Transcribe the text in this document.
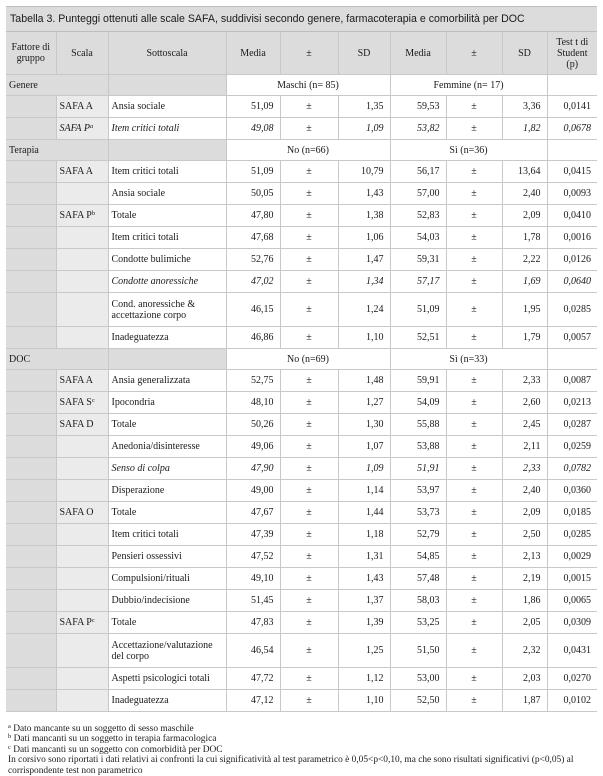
Tabella 3. Punteggi ottenuti alle scale SAFA, suddivisi secondo genere, farmacoterapia e comorbilità per DOC
Fattore di gruppo	Scala	Sottoscala	Media	±	SD	Media	±	SD	Test t di Student (p)
Genere			Maschi (n= 85)			Femmine (n= 17)			
	SAFA A	Ansia sociale	51,09	±	1,35	59,53	±	3,36	0,0141
	SAFA $P^a$	Item critici totali	49,08	±	1,09	53,82	±	1,82	0,0678
Terapia			No (n=66)			Sì (n=36)			
	SAFA A	Item critici totali	51,09	±	10,79	56,17	±	13,64	0,0415
		Ansia sociale	50,05	±	1,43	57,00	±	2,40	0,0093
	SAFA $P^b$	Totale	47,80	±	1,38	52,83	±	2,09	0,0410
		Item critici totali	47,68	±	1,06	54,03	±	1,78	0,0016
		Condotte bulimiche	52,76	±	1,47	59,31	±	2,22	0,0126
		Condotte anoressiche	47,02	±	1,34	57,17	±	1,69	0,0640
		Cond. anoressiche & accettazione corpo	46,15	±	1,24	51,09	±	1,95	0,0285
		Inadeguatezza	46,86	±	1,10	52,51	±	1,79	0,0057
DOC			No (n=69)			Sì (n=33)			
	SAFA A	Ansia generalizzata	52,75	±	1,48	59,91	±	2,33	0,0087
	SAFA $S^c$	Ipocondria	48,10	±	1,27	54,09	±	2,60	0,0213
	SAFA D	Totale	50,26	±	1,30	55,88	±	2,45	0,0287
		Anedonia/disinteresse	49,06	±	1,07	53,88	±	2,11	0,0259
		Senso di colpa	47,90	±	1,09	51,91	±	2,33	0,0782
		Disperazione	49,00	±	1,14	53,97	±	2,40	0,0360
	SAFA O	Totale	47,67	±	1,44	53,73	±	2,09	0,0185
		Item critici totali	47,39	±	1,18	52,79	±	2,50	0,0285
		Pensieri ossessivi	47,52	±	1,31	54,85	±	2,13	0,0029
		Compulsioni/rituali	49,10	±	1,43	57,48	±	2,19	0,0015
		Dubbio/indecisione	51,45	±	1,37	58,03	±	1,86	0,0065
	SAFA $P^c$	Totale	47,83	±	1,39	53,25	±	2,05	0,0309
		Accettazione/valutazione del corpo	46,54	±	1,25	51,50	±	2,32	0,0431
		Aspetti psicologici totali	47,72	±	1,12	53,00	±	2,03	0,0270
		Inadeguatezza	47,12	±	1,10	52,50	±	1,87	0,0102
$^a$ Dato mancante su un soggetto di sesso maschile
$^b$ Dati mancanti su un soggetto in terapia farmacologica
$^c$ Dati mancanti su un soggetto con comorbidità per DOC
In corsivo sono riportati i dati relativi ai confronti la cui significatività al test parametrico è 0,05<p<0,10, ma che sono risultati significativi (p<0,05) al corrispondente test non parametrico
